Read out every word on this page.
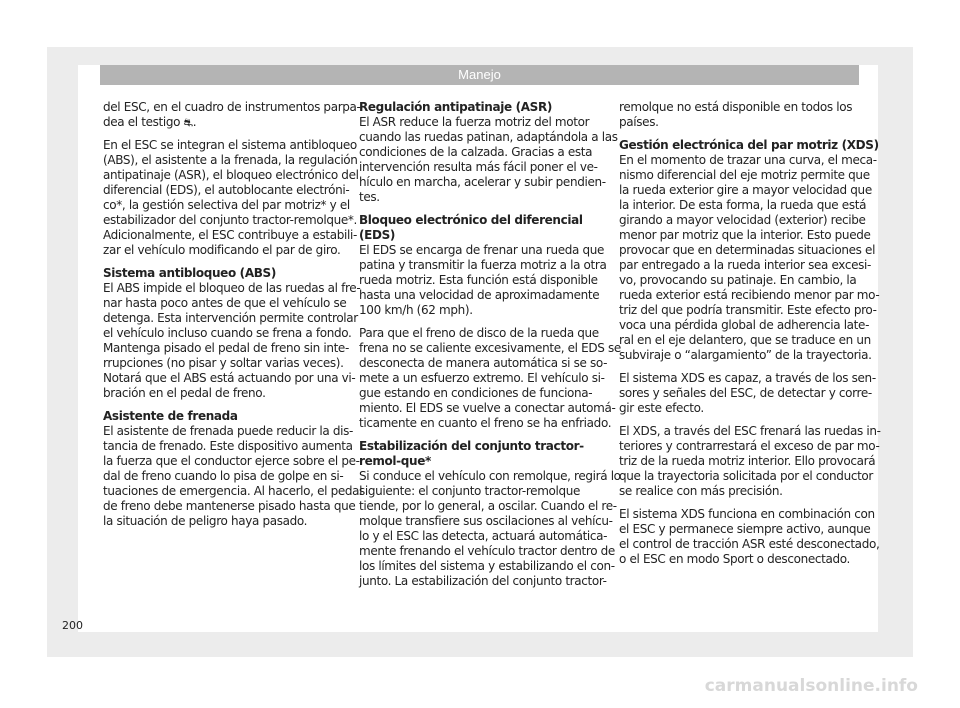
Manejo

del ESC, en el cuadro de instrumentos parpa-dea el testigo ⛐.

En el ESC se integran el sistema antibloqueo (ABS), el asistente a la frenada, la regulación antipatinaje (ASR), el bloqueo electrónico del diferencial (EDS), el autoblocante electróni-co*, la gestión selectiva del par motriz* y el estabilizador del conjunto tractor-remolque*. Adicionalmente, el ESC contribuye a estabili-zar el vehículo modificando el par de giro.

Sistema antibloqueo (ABS)

El ABS impide el bloqueo de las ruedas al fre-nar hasta poco antes de que el vehículo se detenga. Esta intervención permite controlar el vehículo incluso cuando se frena a fondo. Mantenga pisado el pedal de freno sin inte-rrupciones (no pisar y soltar varias veces). Notará que el ABS está actuando por una vi-bración en el pedal de freno.

Asistente de frenada

El asistente de frenada puede reducir la dis-tancia de frenado. Este dispositivo aumenta la fuerza que el conductor ejerce sobre el pe-dal de freno cuando lo pisa de golpe en si-tuaciones de emergencia. Al hacerlo, el pedal de freno debe mantenerse pisado hasta que la situación de peligro haya pasado.

Regulación antipatinaje (ASR)

El ASR reduce la fuerza motriz del motor cuando las ruedas patinan, adaptándola a las condiciones de la calzada. Gracias a esta intervención resulta más fácil poner el ve-hículo en marcha, acelerar y subir pendien-tes.

Bloqueo electrónico del diferencial (EDS)

El EDS se encarga de frenar una rueda que patina y transmitir la fuerza motriz a la otra rueda motriz. Esta función está disponible hasta una velocidad de aproximadamente 100 km/h (62 mph).

Para que el freno de disco de la rueda que frena no se caliente excesivamente, el EDS se desconecta de manera automática si se so-mete a un esfuerzo extremo. El vehículo si-gue estando en condiciones de funciona-miento. El EDS se vuelve a conectar automá-ticamente en cuanto el freno se ha enfriado.

Estabilización del conjunto tractor-remol-que*

Si conduce el vehículo con remolque, regirá lo siguiente: el conjunto tractor-remolque tiende, por lo general, a oscilar. Cuando el re-molque transfiere sus oscilaciones al vehícu-lo y el ESC las detecta, actuará automática-mente frenando el vehículo tractor dentro de los límites del sistema y estabilizando el con-junto. La estabilización del conjunto tractor-

remolque no está disponible en todos los países.

Gestión electrónica del par motriz (XDS)

En el momento de trazar una curva, el meca-nismo diferencial del eje motriz permite que la rueda exterior gire a mayor velocidad que la interior. De esta forma, la rueda que está girando a mayor velocidad (exterior) recibe menor par motriz que la interior. Esto puede provocar que en determinadas situaciones el par entregado a la rueda interior sea excesi-vo, provocando su patinaje. En cambio, la rueda exterior está recibiendo menor par mo-triz del que podría transmitir. Este efecto pro-voca una pérdida global de adherencia late-ral en el eje delantero, que se traduce en un subviraje o “alargamiento” de la trayectoria.

El sistema XDS es capaz, a través de los sen-sores y señales del ESC, de detectar y corre-gir este efecto.

El XDS, a través del ESC frenará las ruedas in-teriores y contrarrestará el exceso de par mo-triz de la rueda motriz interior. Ello provocará que la trayectoria solicitada por el conductor se realice con más precisión.

El sistema XDS funciona en combinación con el ESC y permanece siempre activo, aunque el control de tracción ASR esté desconectado, o el ESC en modo Sport o desconectado.

200
carmanualsonline.info
